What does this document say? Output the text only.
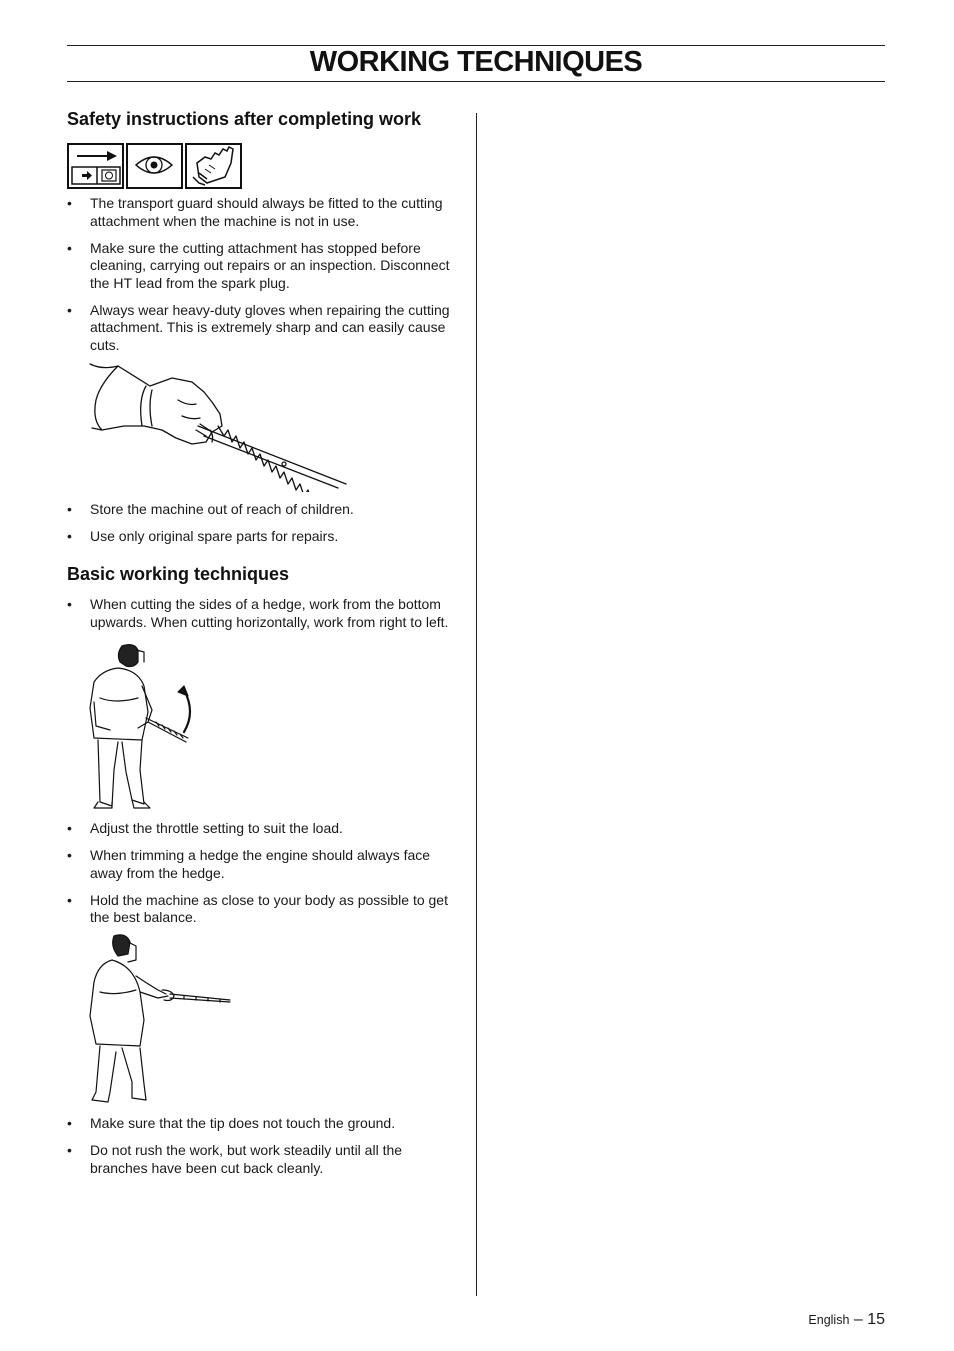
WORKING TECHNIQUES
Safety instructions after completing work
• The transport guard should always be fitted to the cutting attachment when the machine is not in use.
• Make sure the cutting attachment has stopped before cleaning, carrying out repairs or an inspection. Disconnect the HT lead from the spark plug.
• Always wear heavy-duty gloves when repairing the cutting attachment. This is extremely sharp and can easily cause cuts.
• Store the machine out of reach of children.
• Use only original spare parts for repairs.
Basic working techniques
• When cutting the sides of a hedge, work from the bottom upwards. When cutting horizontally, work from right to left.
• Adjust the throttle setting to suit the load.
• When trimming a hedge the engine should always face away from the hedge.
• Hold the machine as close to your body as possible to get the best balance.
• Make sure that the tip does not touch the ground.
• Do not rush the work, but work steadily until all the branches have been cut back cleanly.
English – 15
